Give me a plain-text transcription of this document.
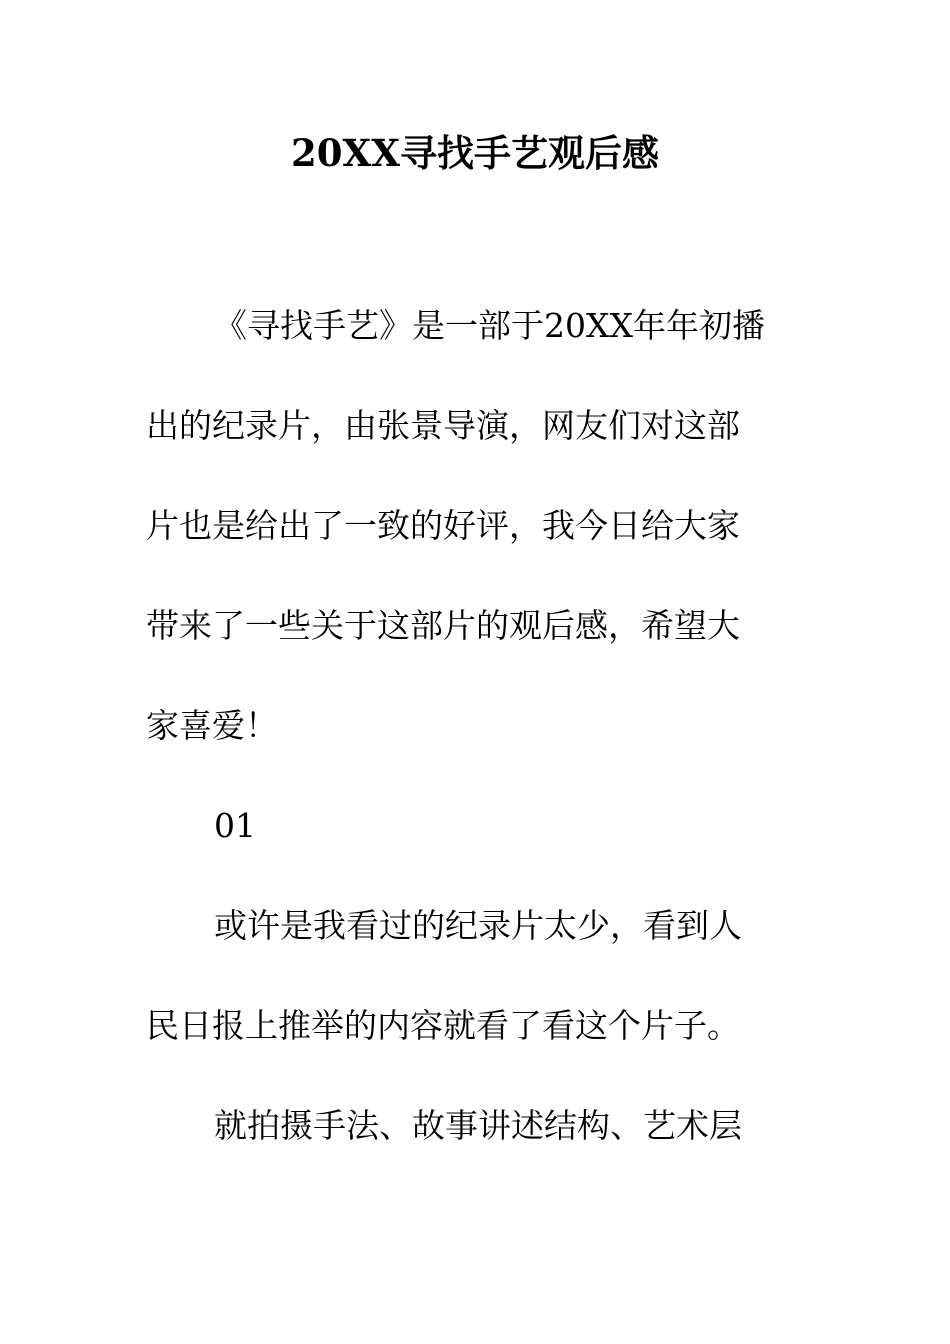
20XX寻找手艺观后感
《寻找手艺》是一部于20XX年年初播
出的纪录片，由张景导演，网友们对这部
片也是给出了一致的好评，我今日给大家
带来了一些关于这部片的观后感，希望大
家喜爱！
01
或许是我看过的纪录片太少，看到人
民日报上推举的内容就看了看这个片子。
就拍摄手法、故事讲述结构、艺术层
